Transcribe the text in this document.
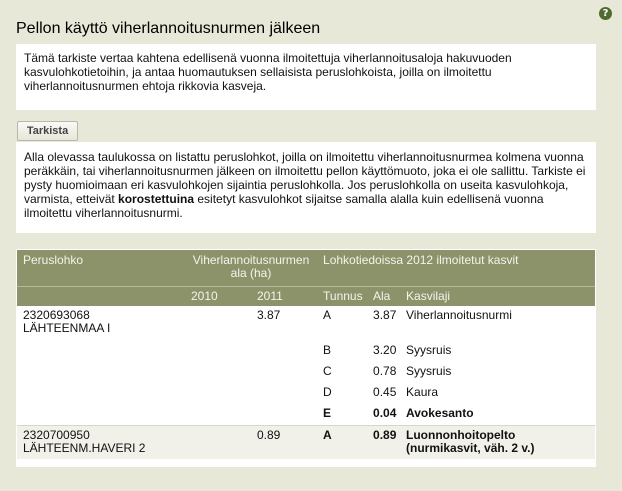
?
Pellon käyttö viherlannoitusnurmen jälkeen
Tämä tarkiste vertaa kahtena edellisenä vuonna ilmoitettuja viherlannoitusaloja hakuvuoden kasvulohkotietoihin, ja antaa huomautuksen sellaisista peruslohkoista, joilla on ilmoitettu viherlannoitusnurmen ehtoja rikkovia kasveja.
Tarkista
Alla olevassa taulukossa on listattu peruslohkot, joilla on ilmoitettu viherlannoitusnurmea kolmena vuonna peräkkäin, tai viherlannoitusnurmen jälkeen on ilmoitettu pellon käyttömuoto, joka ei ole sallittu. Tarkiste ei pysty huomioimaan eri kasvulohkojen sijaintia peruslohkolla. Jos peruslohkolla on useita kasvulohkoja, varmista, etteivät korostettuina esitetyt kasvulohkot sijaitse samalla alalla kuin edellisenä vuonna ilmoitettu viherlannoitusnurmi.
Peruslohko	Viherlannoitusnurmen ala (ha)		Lohkotiedoissa 2012 ilmoitetut kasvit		
	2010	2011	Tunnus	Ala	Kasvilaji

2320693068
LÄHTEENMAA I		3.87	A	3.87	Viherlannoitusnurmi

			B	3.20	Syysruis

			C	0.78	Syysruis

			D	0.45	Kaura

			E	0.04	Avokesanto

2320700950
LÄHTEENM.HAVERI 2		0.89	A	0.89	Luonnonhoitopelto (nurmikasvit, väh. 2 v.)
